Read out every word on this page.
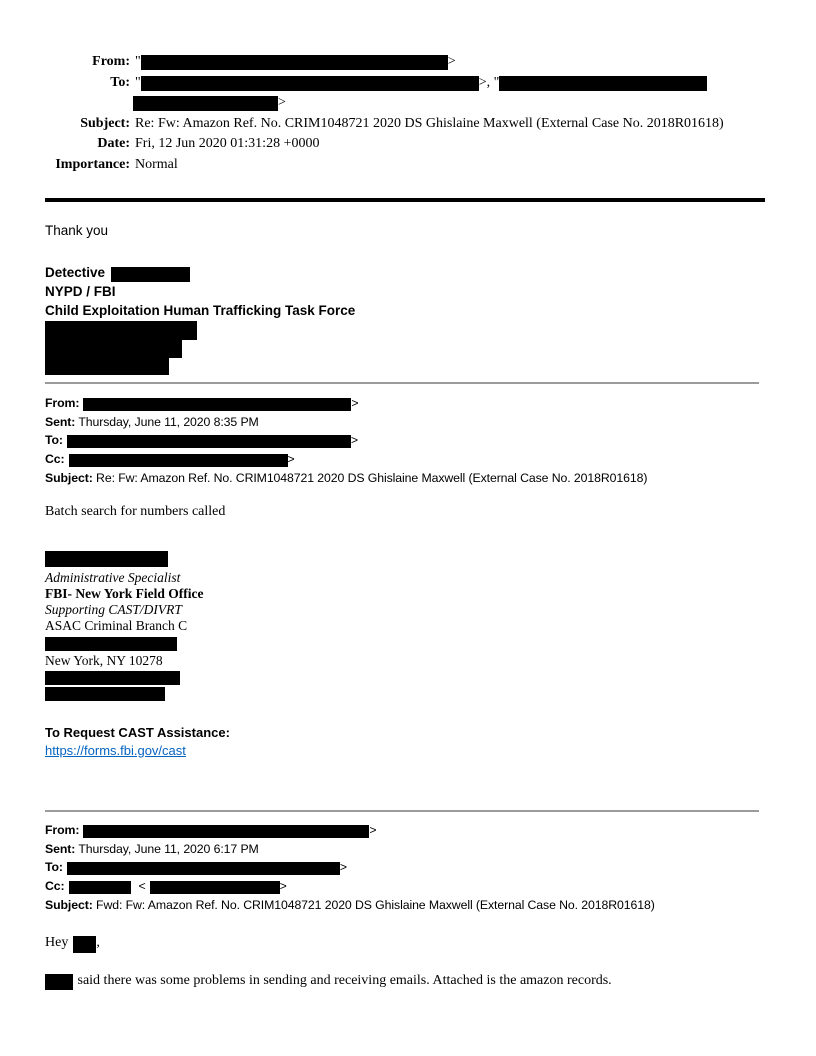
From: "	>
To: "	>, "
>
Subject: Re: Fw: Amazon Ref. No. CRIM1048721 2020 DS Ghislaine Maxwell (External Case No. 2018R01618)
Date: Fri, 12 Jun 2020 01:31:28 +0000
Importance: Normal
Thank you
Detective
NYPD / FBI
Child Exploitation Human Trafficking Task Force
From:	>
Sent: Thursday, June 11, 2020 8:35 PM
To:	>
Cc:	>
Subject: Re: Fw: Amazon Ref. No. CRIM1048721 2020 DS Ghislaine Maxwell (External Case No. 2018R01618)
Batch search for numbers called
Administrative Specialist
FBI- New York Field Office
Supporting CAST/DIVRT
ASAC Criminal Branch C
New York, NY 10278
To Request CAST Assistance:
https://forms.fbi.gov/cast
From:	>
Sent: Thursday, June 11, 2020 6:17 PM
To:	>
Cc:	<	>
Subject: Fwd: Fw: Amazon Ref. No. CRIM1048721 2020 DS Ghislaine Maxwell (External Case No. 2018R01618)
Hey ,
said there was some problems in sending and receiving emails. Attached is the amazon records.
